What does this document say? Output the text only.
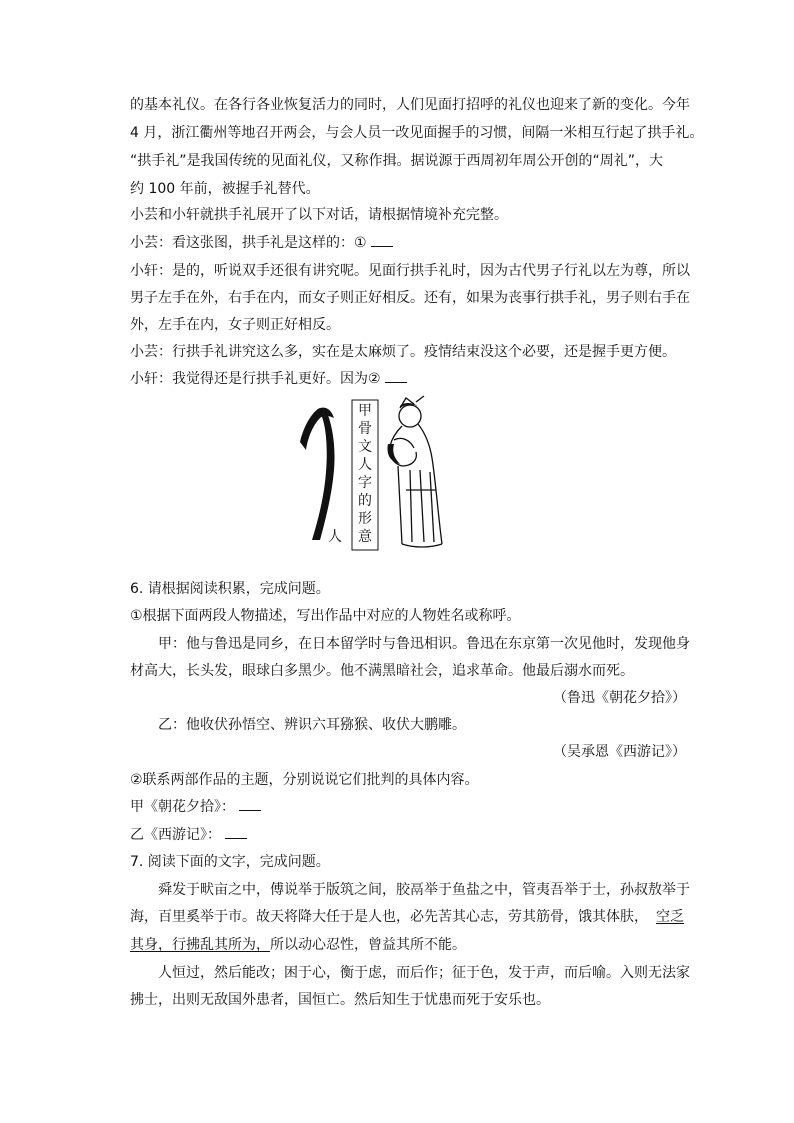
的基本礼仪。在各行各业恢复活力的同时，人们见面打招呼的礼仪也迎来了新的变化。今年

4 月，浙江衢州等地召开两会，与会人员一改见面握手的习惯，间隔一米相互行起了拱手礼。

“拱手礼”是我国传统的见面礼仪，又称作揖。据说源于西周初年周公开创的“周礼”，大

约 100 年前，被握手礼替代。

小芸和小轩就拱手礼展开了以下对话，请根据情境补充完整。

小芸：看这张图，拱手礼是这样的：①

小轩：是的，听说双手还很有讲究呢。见面行拱手礼时，因为古代男子行礼以左为尊，所以

男子左手在外，右手在内，而女子则正好相反。还有，如果为丧事行拱手礼，男子则右手在

外，左手在内，女子则正好相反。

小芸：行拱手礼讲究这么多，实在是太麻烦了。疫情结束没这个必要，还是握手更方便。

小轩：我觉得还是行拱手礼更好。因为②

人
甲
骨
文
人
字
的
形
意

6. 请根据阅读积累，完成问题。

①根据下面两段人物描述，写出作品中对应的人物姓名或称呼。

甲：他与鲁迅是同乡，在日本留学时与鲁迅相识。鲁迅在东京第一次见他时，发现他身

材高大，长头发，眼球白多黑少。他不满黑暗社会，追求革命。他最后溺水而死。

（鲁迅《朝花夕拾》）

乙：他收伏孙悟空、辨识六耳猕猴、收伏大鹏雕。

（吴承恩《西游记》）

②联系两部作品的主题，分别说说它们批判的具体内容。

甲《朝花夕拾》：

乙《西游记》：

7. 阅读下面的文字，完成问题。

舜发于畎亩之中，傅说举于版筑之间，胶鬲举于鱼盐之中，管夷吾举于士，孙叔敖举于

海，百里奚举于市。故天将降大任于是人也，必先苦其心志，劳其筋骨，饿其体肤， 空乏

其身，行拂乱其所为，所以动心忍性，曾益其所不能。

人恒过，然后能改；困于心，衡于虑，而后作；征于色，发于声，而后喻。入则无法家

拂士，出则无敌国外患者，国恒亡。然后知生于忧患而死于安乐也。
